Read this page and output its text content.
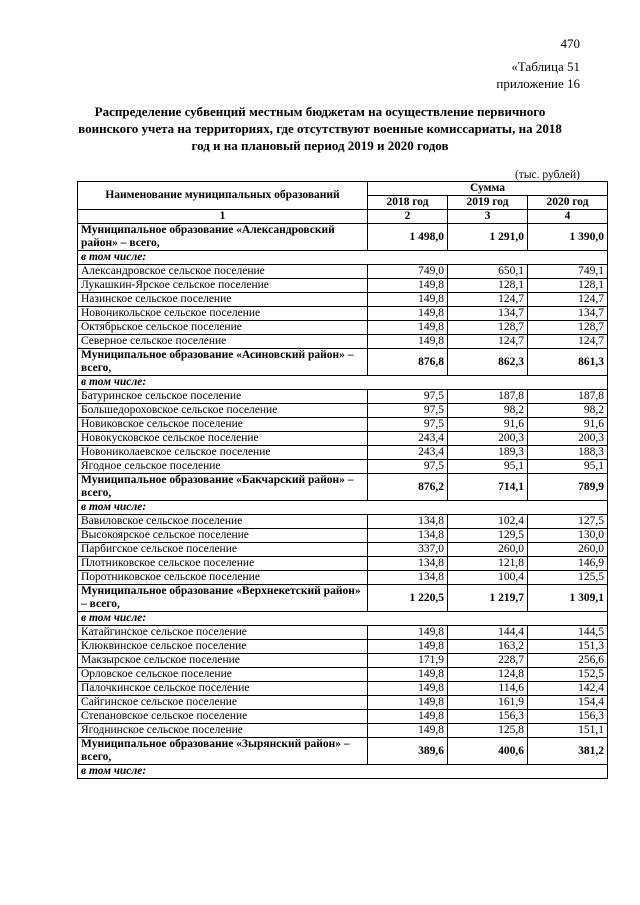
470
«Таблица 51
приложение 16
Распределение субвенций местным бюджетам на осуществление первичного воинского учета на территориях, где отсутствуют военные комиссариаты, на 2018 год и на плановый период 2019 и 2020 годов
(тыс. рублей)
Наименование муниципальных образований	Сумма		
	2018 год	2019 год	2020 год
1	2	3	4
Муниципальное образование «Александровский район» – всего,	1 498,0	1 291,0	1 390,0
в том числе:			
Александровское сельское поселение	749,0	650,1	749,1
Лукашкин-Ярское сельское поселение	149,8	128,1	128,1
Назинское сельское поселение	149,8	124,7	124,7
Новоникольское сельское поселение	149,8	134,7	134,7
Октябрьское сельское поселение	149,8	128,7	128,7
Северное сельское поселение	149,8	124,7	124,7
Муниципальное образование «Асиновский район» – всего,	876,8	862,3	861,3
в том числе:			
Батуринское сельское поселение	97,5	187,8	187,8
Большедороховское сельское поселение	97,5	98,2	98,2
Новиковское сельское поселение	97,5	91,6	91,6
Новокусковское сельское поселение	243,4	200,3	200,3
Новониколаевское сельское поселение	243,4	189,3	188,3
Ягодное сельское поселение	97,5	95,1	95,1
Муниципальное образование «Бакчарский район» – всего,	876,2	714,1	789,9
в том числе:			
Вавиловское сельское поселение	134,8	102,4	127,5
Высокоярское сельское поселение	134,8	129,5	130,0
Парбигское сельское поселение	337,0	260,0	260,0
Плотниковское сельское поселение	134,8	121,8	146,9
Поротниковское сельское поселение	134,8	100,4	125,5
Муниципальное образование «Верхнекетский район» – всего,	1 220,5	1 219,7	1 309,1
в том числе:			
Катайгинское сельское поселение	149,8	144,4	144,5
Клюквинское сельское поселение	149,8	163,2	151,3
Макзырское сельское поселение	171,9	228,7	256,6
Орловское сельское поселение	149,8	124,8	152,5
Палочкинское сельское поселение	149,8	114,6	142,4
Сайгинское сельское поселение	149,8	161,9	154,4
Степановское сельское поселение	149,8	156,3	156,3
Ягоднинское сельское поселение	149,8	125,8	151,1
Муниципальное образование «Зырянский район» – всего,	389,6	400,6	381,2
в том числе:			
